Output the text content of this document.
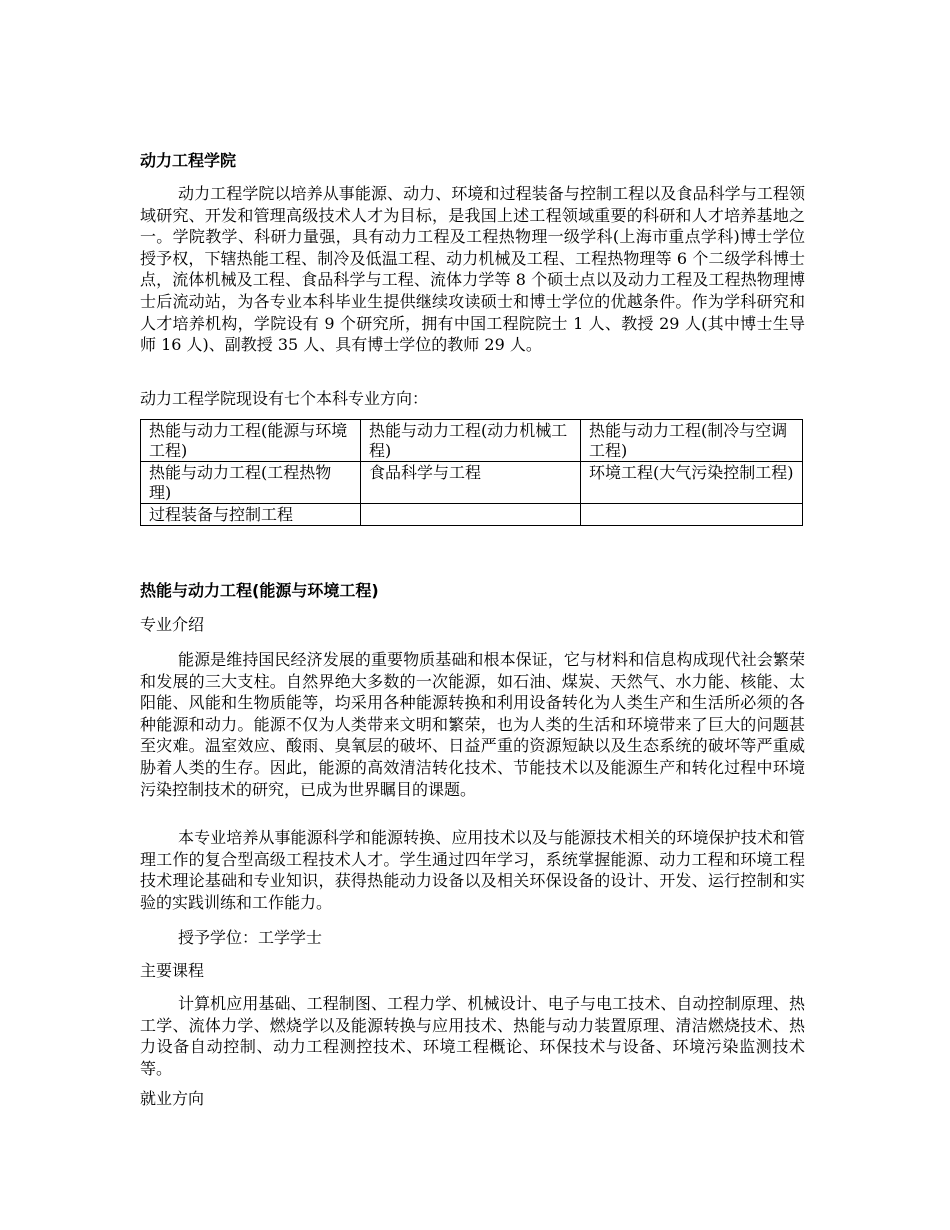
动力工程学院

动力工程学院以培养从事能源、动力、环境和过程装备与控制工程以及食品科学与工程领域研究、开发和管理高级技术人才为目标，是我国上述工程领域重要的科研和人才培养基地之一。学院教学、科研力量强，具有动力工程及工程热物理一级学科(上海市重点学科)博士学位授予权，下辖热能工程、制冷及低温工程、动力机械及工程、工程热物理等 6 个二级学科博士点，流体机械及工程、食品科学与工程、流体力学等 8 个硕士点以及动力工程及工程热物理博士后流动站，为各专业本科毕业生提供继续攻读硕士和博士学位的优越条件。作为学科研究和人才培养机构，学院设有 9 个研究所，拥有中国工程院院士 1 人、教授 29 人(其中博士生导师 16 人)、副教授 35 人、具有博士学位的教师 29 人。

动力工程学院现设有七个本科专业方向：

热能与动力工程(能源与环境工程)	热能与动力工程(动力机械工程)	热能与动力工程(制冷与空调工程)
热能与动力工程(工程热物理)	食品科学与工程	环境工程(大气污染控制工程)
过程装备与控制工程		
热能与动力工程(能源与环境工程)

专业介绍

能源是维持国民经济发展的重要物质基础和根本保证，它与材料和信息构成现代社会繁荣和发展的三大支柱。自然界绝大多数的一次能源，如石油、煤炭、天然气、水力能、核能、太阳能、风能和生物质能等，均采用各种能源转换和利用设备转化为人类生产和生活所必须的各种能源和动力。能源不仅为人类带来文明和繁荣，也为人类的生活和环境带来了巨大的问题甚至灾难。温室效应、酸雨、臭氧层的破坏、日益严重的资源短缺以及生态系统的破坏等严重威胁着人类的生存。因此，能源的高效清洁转化技术、节能技术以及能源生产和转化过程中环境污染控制技术的研究，已成为世界瞩目的课题。

本专业培养从事能源科学和能源转换、应用技术以及与能源技术相关的环境保护技术和管理工作的复合型高级工程技术人才。学生通过四年学习，系统掌握能源、动力工程和环境工程技术理论基础和专业知识，获得热能动力设备以及相关环保设备的设计、开发、运行控制和实验的实践训练和工作能力。

授予学位：工学学士

主要课程

计算机应用基础、工程制图、工程力学、机械设计、电子与电工技术、自动控制原理、热工学、流体力学、燃烧学以及能源转换与应用技术、热能与动力装置原理、清洁燃烧技术、热力设备自动控制、动力工程测控技术、环境工程概论、环保技术与设备、环境污染监测技术等。

就业方向
